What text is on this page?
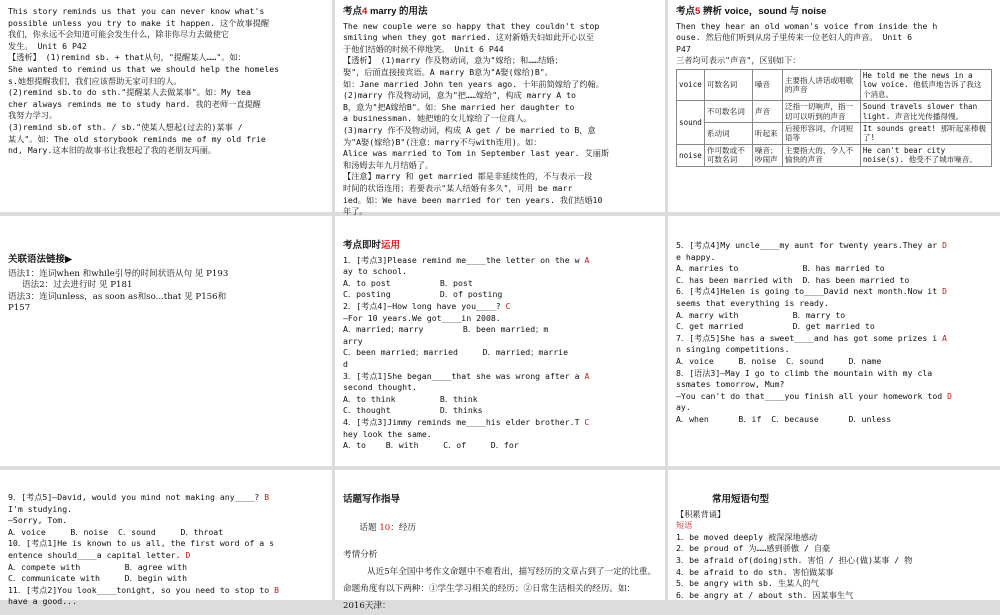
This story reminds us that you can never know what's
possible unless you try to make it happen. 这个故事提醒
我们，你永远不会知道可能会发生什么，除非你尽力去做使它
发生。 Unit 6 P42
【透析】 (1)remind sb. + that从句，"提醒某人……"。如：
She wanted to remind us that we should help the homeles
s.她想提醒我们，我们应该帮助无家可归的人。
(2)remind sb.to do sth."提醒某人去做某事"。如：My tea
cher always reminds me to study hard. 我的老师一直提醒
我努力学习。
(3)remind sb.of sth. / sb."使某人想起(过去的)某事 /
某人"。如：The old storybook reminds me of my old frie
nd, Mary.这本旧的故事书让我想起了我的老朋友玛丽。
考点4 marry 的用法
The new couple were so happy that they couldn't stop
smiling when they got married. 这对新婚夫妇如此开心以至
于他们结婚的时候不停地笑。 Unit 6 P44
【透析】 (1)marry 作及物动词，意为"嫁给；和……结婚；
娶"，后面直接接宾语。A marry B意为"A娶(嫁给)B"。
如：Jane married John ten years ago. 十年前简嫁给了约翰。
(2)marry 作及物动词，意为"把……嫁给"，构成 marry A to
B，意为"把A嫁给B"。如：She married her daughter to
a businessman. 她把她的女儿嫁给了一位商人。
(3)marry 作不及物动词，构成 A get / be married to B，意
为"A娶(嫁给)B"(注意：marry不与with连用)。如：
Alice was married to Tom in September last year. 艾丽斯
和汤姆去年九月结婚了。
【注意】marry 和 get married 都是非延续性的，不与表示一段
时间的状语连用；若要表示"某人结婚有多久"，可用 be marr
ied。如：We have been married for ten years. 我们结婚10
年了。
考点5 辨析 voice，sound 与 noise
Then they hear an old woman's voice from inside the h
ouse. 然后他们听到从房子里传来一位老妇人的声音。 Unit 6
P47
三者均可表示"声音"，区别如下：
voice	可数名词	嗓音	主要指人讲话或唱歌的声音	He told me the news in a low voice. 他低声地告诉了我这个消息。
sound	不可数名词	声音	泛指一切响声，指一切可以听到的声音	Sound travels slower than light. 声音比光传播得慢。
	系动词	听起来	后接形容词、介词短语等	It sounds great! 那听起来棒极了!
noise	作可数或不可数名词	噪音；吵闹声	主要指大的、令人不愉快的声音	He can't bear city noise(s). 他受不了城市噪音。
关联语法链接▶
语法1：连词when 和while引导的时间状语从句 见 P193
语法2：过去进行时 见 P181
语法3：连词unless，as soon as和so...that 见 P156和
P157
考点即时运用
1．[考点3]Please remind me____the letter on the w A
ay to school.
A．to post          B．post
C．posting          D．of posting
2．[考点4]—How long have you____? C
—For 10 years.We got____in 2008.
A．married；marry        B．been married；m
arry
C．been married；married     D．married；marrie
d
3．[考点1]She began____that she was wrong after a A
second thought.
A．to think         B．think
C．thought          D．thinks
4．[考点3]Jimmy reminds me____his elder brother.T C
hey look the same.
A．to    B．with     C．of     D．for
5．[考点4]My uncle____my aunt for twenty years.They ar D
e happy.
A．marries to             B．has married to
C．has been married with  D．has been married to
6．[考点4]Helen is going to____David next month.Now it D
seems that everything is ready.
A．marry with           B．marry to
C．get married          D．get married to
7．[考点5]She has a sweet____and has got some prizes i A
n singing competitions.
A．voice     B．noise  C．sound     D．name
8．[语法3]—May I go to climb the mountain with my cla
ssmates tomorrow, Mum?
—You can't do that____you finish all your homework tod D
ay.
A．when      B．if  C．because      D．unless
9．[考点5]—David, would you mind not making any____? B
I'm studying.
—Sorry, Tom.
A．voice     B．noise  C．sound     D．throat
10．[考点1]He is known to us all, the first word of a s
entence should____a capital letter. D
A．compete with         B．agree with
C．communicate with     D．begin with
11．[考点2]You look____tonight, so you need to stop to B
have a good...
话题写作指导

话题 10：经历

考情分析
从近5年全国中考作文命题中不难看出，描写经历的文章占到了一定的比重。命题角度有以下两种：①学生学习相关的经历；②日常生活相关的经历。如：2016天津：
常用短语句型
【积累背诵】
短语
1．be moved deeply 被深深地感动
2．be proud of 为……感到骄傲 / 自豪
3．be afraid of(doing)sth. 害怕 / 担心(做)某事 / 物
4．be afraid to do sth. 害怕做某事
5．be angry with sb. 生某人的气
6．be angry at / about sth. 因某事生气
